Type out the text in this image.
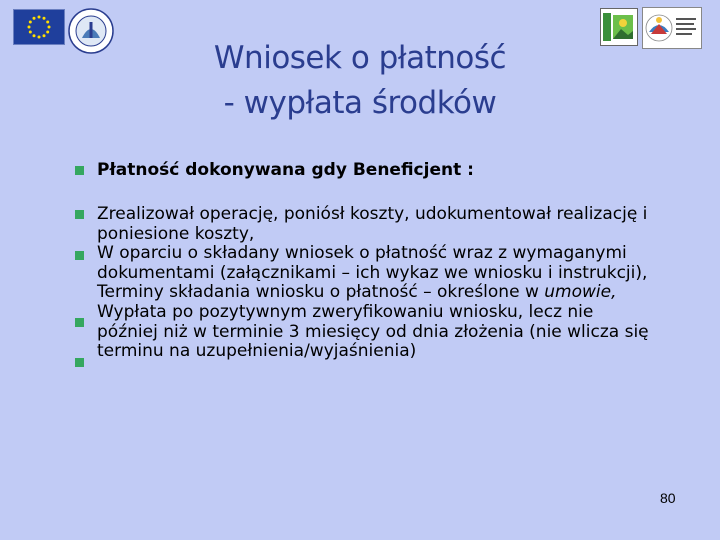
Wniosek o płatność
- wypłata środków
Płatność dokonywana gdy Beneficjent :

Zrealizował operację, poniósł koszty, udokumentował realizację i poniesione koszty,

W oparciu o składany wniosek o płatność wraz z wymaganymi dokumentami (załącznikami – ich wykaz we wniosku i instrukcji),

Terminy składania wniosku o płatność – określone w umowie,

Wypłata po pozytywnym zweryfikowaniu wniosku, lecz nie później niż w terminie 3 miesięcy od dnia złożenia (nie wlicza się terminu na uzupełnienia/wyjaśnienia)

80
